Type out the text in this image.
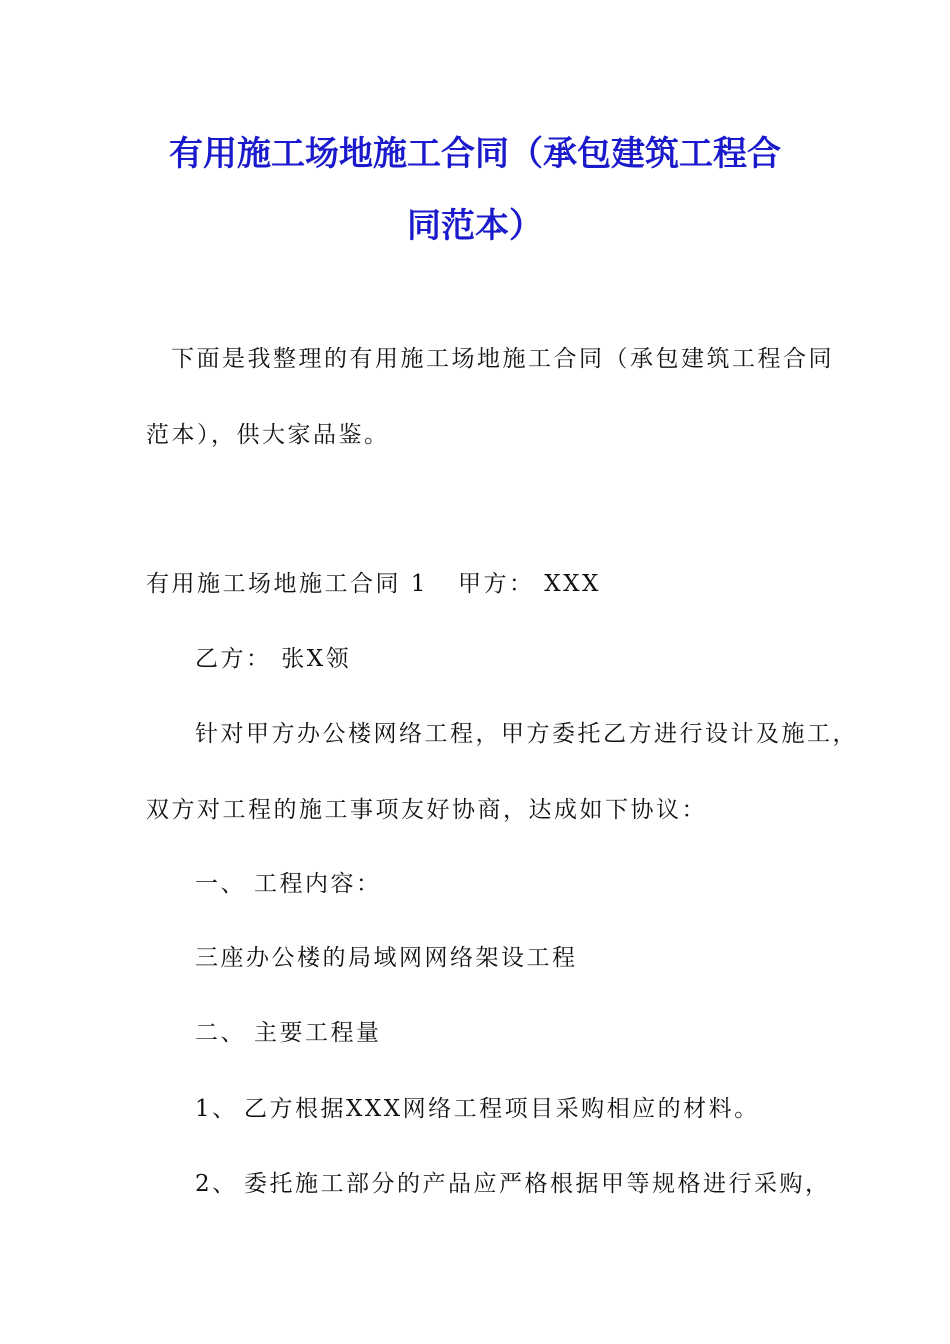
有用施工场地施工合同（承包建筑工程合
同范本）
下面是我整理的有用施工场地施工合同（承包建筑工程合同
范本），供大家品鉴。
有用施工场地施工合同 1 甲方： XXX
乙方： 张X领
针对甲方办公楼网络工程，甲方委托乙方进行设计及施工，
双方对工程的施工事项友好协商，达成如下协议：
一、 工程内容：
三座办公楼的局域网网络架设工程
二、 主要工程量
1、 乙方根据XXX网络工程项目采购相应的材料。
2、 委托施工部分的产品应严格根据甲等规格进行采购，
